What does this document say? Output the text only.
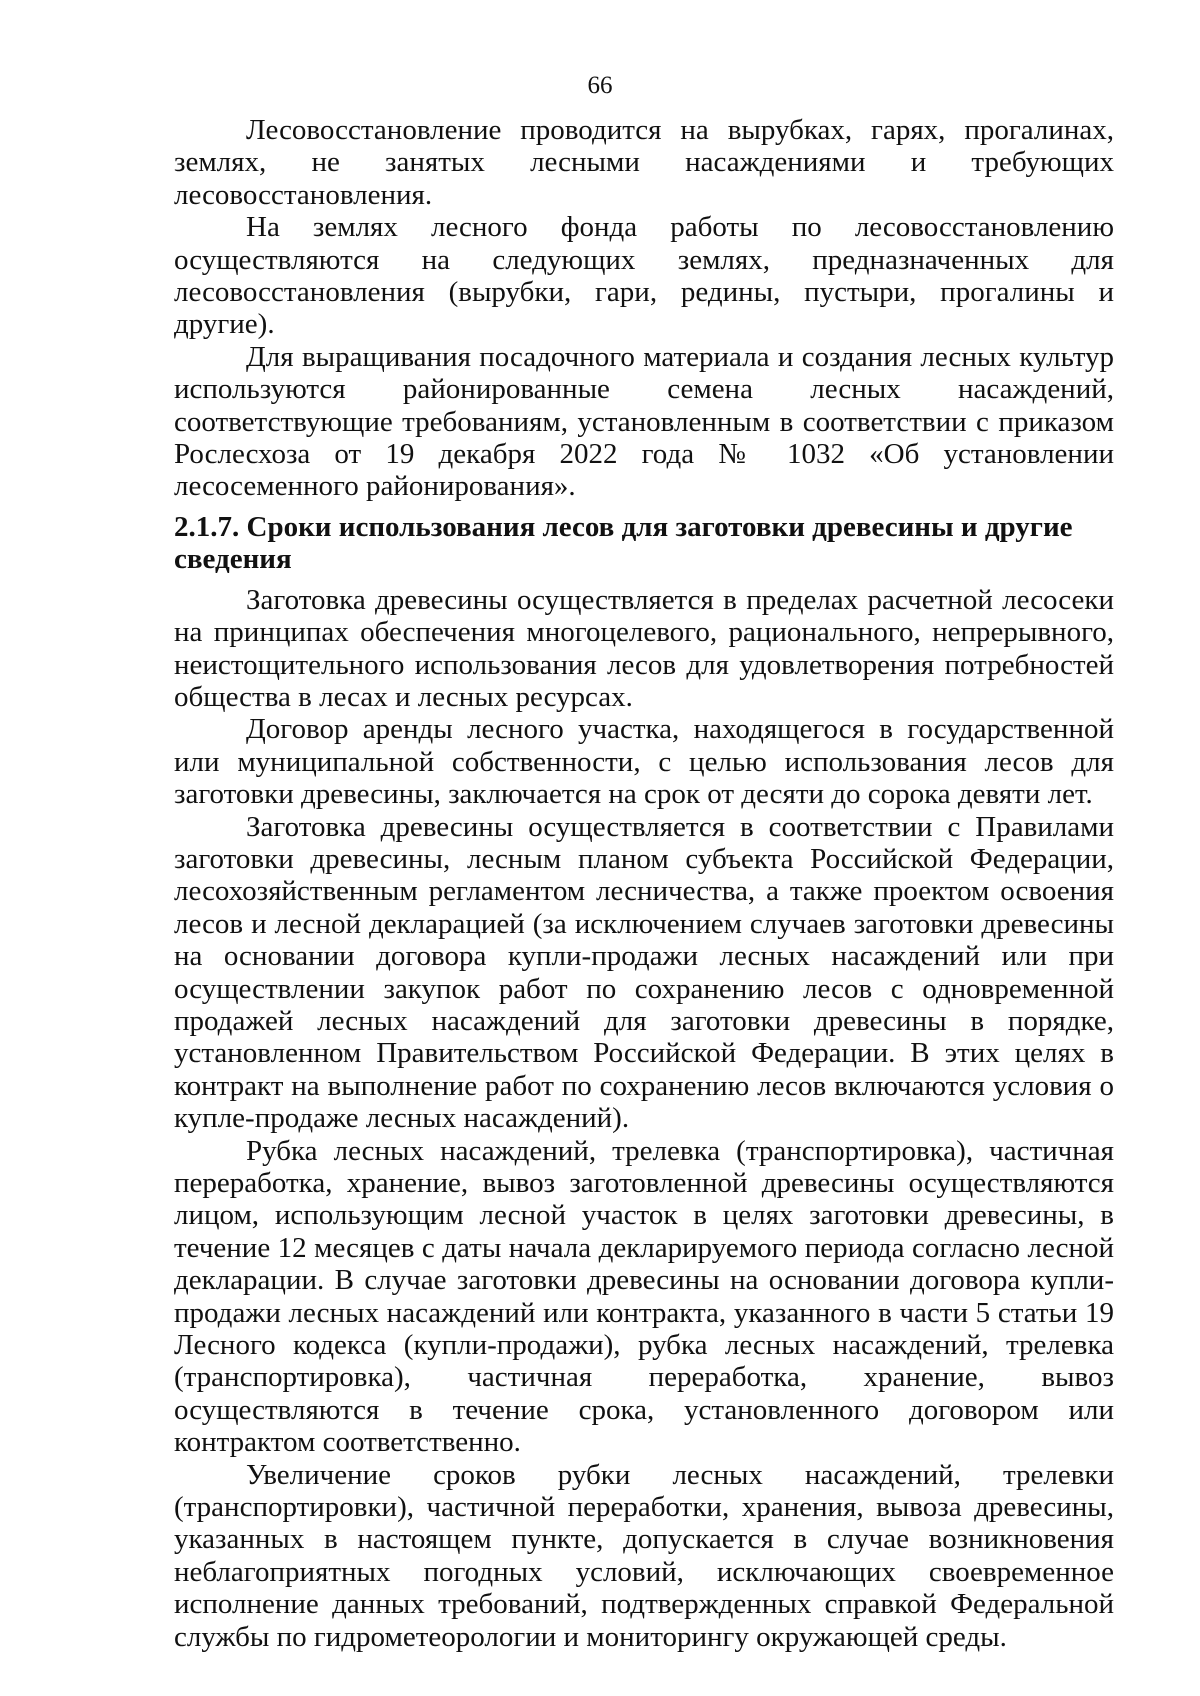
66

Лесовосстановление проводится на вырубках, гарях, прогалинах, землях, не занятых лесными насаждениями и требующих лесовосстановления.

На землях лесного фонда работы по лесовосстановлению осуществляются на следующих землях, предназначенных для лесовосстановления (вырубки, гари, редины, пустыри, прогалины и другие).

Для выращивания посадочного материала и создания лесных культур используются районированные семена лесных насаждений, соответствующие требованиям, установленным в соответствии с приказом Рослесхоза от 19 декабря 2022 года № 1032 «Об установлении лесосеменного районирования».

2.1.7. Сроки использования лесов для заготовки древесины и другие сведения

Заготовка древесины осуществляется в пределах расчетной лесосеки на принципах обеспечения многоцелевого, рационального, непрерывного, неистощительного использования лесов для удовлетворения потребностей общества в лесах и лесных ресурсах.

Договор аренды лесного участка, находящегося в государственной или муниципальной собственности, с целью использования лесов для заготовки древесины, заключается на срок от десяти до сорока девяти лет.

Заготовка древесины осуществляется в соответствии с Правилами заготовки древесины, лесным планом субъекта Российской Федерации, лесохозяйственным регламентом лесничества, а также проектом освоения лесов и лесной декларацией (за исключением случаев заготовки древесины на основании договора купли-продажи лесных насаждений или при осуществлении закупок работ по сохранению лесов с одновременной продажей лесных насаждений для заготовки древесины в порядке, установленном Правительством Российской Федерации. В этих целях в контракт на выполнение работ по сохранению лесов включаются условия о купле-продаже лесных насаждений).

Рубка лесных насаждений, трелевка (транспортировка), частичная переработка, хранение, вывоз заготовленной древесины осуществляются лицом, использующим лесной участок в целях заготовки древесины, в течение 12 месяцев с даты начала декларируемого периода согласно лесной декларации. В случае заготовки древесины на основании договора купли-продажи лесных насаждений или контракта, указанного в части 5 статьи 19 Лесного кодекса (купли-продажи), рубка лесных насаждений, трелевка (транспортировка), частичная переработка, хранение, вывоз осуществляются в течение срока, установленного договором или контрактом соответственно.

Увеличение сроков рубки лесных насаждений, трелевки (транспортировки), частичной переработки, хранения, вывоза древесины, указанных в настоящем пункте, допускается в случае возникновения неблагоприятных погодных условий, исключающих своевременное исполнение данных требований, подтвержденных справкой Федеральной службы по гидрометеорологии и мониторингу окружающей среды.
